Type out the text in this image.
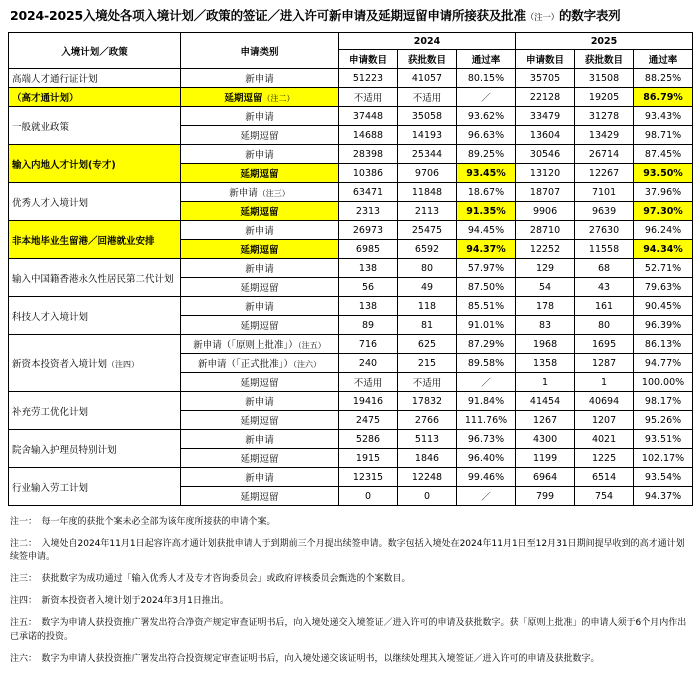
2024-2025入境处各项入境计划／政策的签证／进入许可新申请及延期逗留申请所接获及批准（注一）的数字表列
入境计划／政策	申请类别	2024			2025		
		申请数目	获批数目	通过率	申请数目	获批数目	通过率
高端人才通行证计划	新申请	51223	41057	80.15%	35705	31508	88.25%
（高才通计划）	延期逗留（注二）	不适用	不适用	／	22128	19205	86.79%
一般就业政策	新申请	37448	35058	93.62%	33479	31278	93.43%
	延期逗留	14688	14193	96.63%	13604	13429	98.71%
输入内地人才计划(专才)	新申请	28398	25344	89.25%	30546	26714	87.45%
	延期逗留	10386	9706	93.45%	13120	12267	93.50%
优秀人才入境计划	新申请（注三）	63471	11848	18.67%	18707	7101	37.96%
	延期逗留	2313	2113	91.35%	9906	9639	97.30%
非本地毕业生留港／回港就业安排	新申请	26973	25475	94.45%	28710	27630	96.24%
	延期逗留	6985	6592	94.37%	12252	11558	94.34%
输入中国籍香港永久性居民第二代计划	新申请	138	80	57.97%	129	68	52.71%
	延期逗留	56	49	87.50%	54	43	79.63%
科技人才入境计划	新申请	138	118	85.51%	178	161	90.45%
	延期逗留	89	81	91.01%	83	80	96.39%
新资本投资者入境计划（注四）	新申请（「原则上批准」）（注五）	716	625	87.29%	1968	1695	86.13%
	新申请（「正式批准」）（注六）	240	215	89.58%	1358	1287	94.77%
	延期逗留	不适用	不适用	／	1	1	100.00%
补充劳工优化计划	新申请	19416	17832	91.84%	41454	40694	98.17%
	延期逗留	2475	2766	111.76%	1267	1207	95.26%
院舍输入护理员特别计划	新申请	5286	5113	96.73%	4300	4021	93.51%
	延期逗留	1915	1846	96.40%	1199	1225	102.17%
行业输入劳工计划	新申请	12315	12248	99.46%	6964	6514	93.54%
	延期逗留	0	0	／	799	754	94.37%
注一：　每一年度的获批个案未必全部为该年度所接获的申请个案。
注二：　入境处自2024年11月1日起容许高才通计划获批申请人于到期前三个月提出续签申请。数字包括入境处在2024年11月1日至12月31日期间提早收到的高才通计划续签申请。
注三：　获批数字为成功通过「输入优秀人才及专才咨询委员会」或政府评核委员会甄选的个案数目。
注四：　新资本投资者入境计划于2024年3月1日推出。
注五：　数字为申请人获投资推广署发出符合净资产规定审查证明书后，向入境处递交入境签证／进入许可的申请及获批数字。获「原则上批准」的申请人须于6个月内作出已承诺的投资。
注六：　数字为申请人获投资推广署发出符合投资规定审查证明书后，向入境处递交该证明书，以继续处理其入境签证／进入许可的申请及获批数字。
